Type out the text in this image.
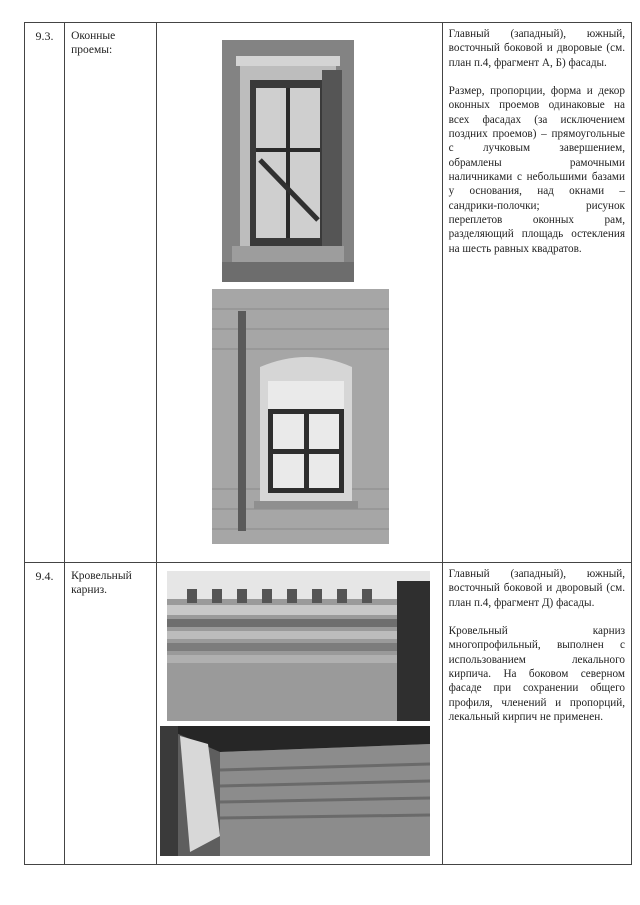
9.3.	Оконные проемы:		Главный (западный), южный, восточный боковой и дворовые (см. план п.4, фрагмент А, Б) фасады.

Размер, пропорции, форма и декор оконных проемов одинаковые на всех фасадах (за исключением поздних проемов) – прямоугольные с лучковым завершением, обрамлены рамочными наличниками с небольшими базами у основания, над окнами – сандрики-полочки; рисунок переплетов оконных рам, разделяющий площадь остекления на шесть равных квадратов.

9.4.	Кровельный карниз.		Главный (западный), южный, восточный боковой и дворовый (см. план п.4, фрагмент Д) фасады.

Кровельный карниз многопрофильный, выполнен с использованием лекального кирпича. На боковом северном фасаде при сохранении общего профиля, членений и пропорций, лекальный кирпич не применен.
